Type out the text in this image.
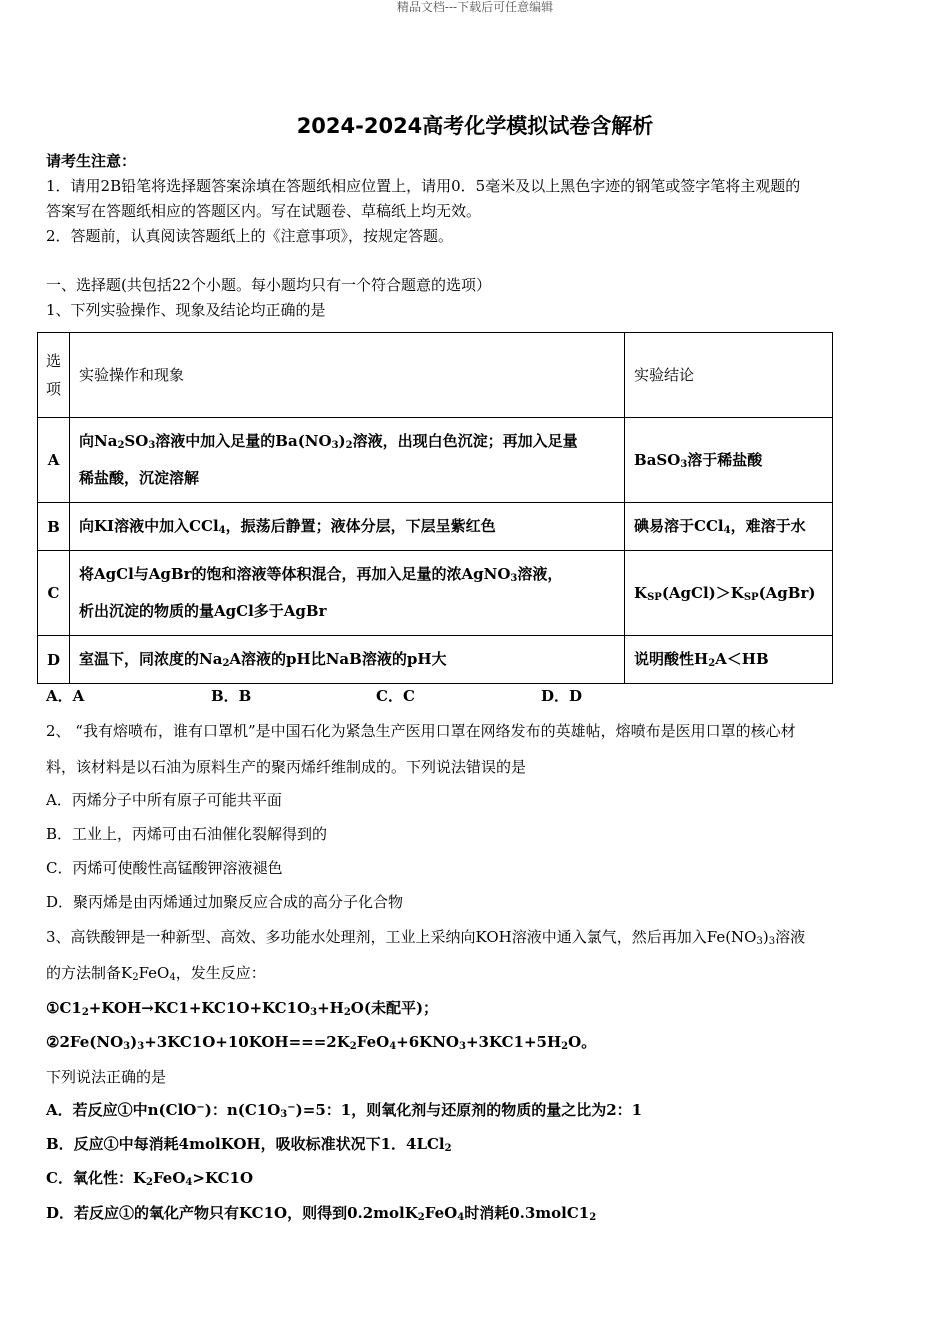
精品文档---下载后可任意编辑
2024-2024高考化学模拟试卷含解析
请考生注意：
1．请用2B铅笔将选择题答案涂填在答题纸相应位置上，请用0．5毫米及以上黑色字迹的钢笔或签字笔将主观题的
答案写在答题纸相应的答题区内。写在试题卷、草稿纸上均无效。
2．答题前，认真阅读答题纸上的《注意事项》，按规定答题。
一、选择题(共包括22个小题。每小题均只有一个符合题意的选项）
1、下列实验操作、现象及结论均正确的是
选
项	实验操作和现象	实验结论
A	向$Na_2SO_3$溶液中加入足量的$Ba(NO_3)_2$溶液，出现白色沉淀；再加入足量
稀盐酸，沉淀溶解	BaSO$_3$溶于稀盐酸
B	向KI溶液中加入CCl$_4$，振荡后静置；液体分层，下层呈紫红色	碘易溶于CCl$_4$，难溶于水
C	将AgCl与AgBr的饱和溶液等体积混合，再加入足量的浓AgNO$_3$溶液，
析出沉淀的物质的量AgCl多于AgBr	$K_{SP}(AgCl)>K_{SP}(AgBr)$
D	室温下，同浓度的$Na_2A$溶液的pH比NaB溶液的pH大	说明酸性$H_2A<HB$
A．A	B．B	C．C	D．D
2、 “我有熔喷布，谁有口罩机”是中国石化为紧急生产医用口罩在网络发布的英雄帖，熔喷布是医用口罩的核心材
料，该材料是以石油为原料生产的聚丙烯纤维制成的。下列说法错误的是
A．丙烯分子中所有原子可能共平面
B．工业上，丙烯可由石油催化裂解得到的
C．丙烯可使酸性高锰酸钾溶液褪色
D．聚丙烯是由丙烯通过加聚反应合成的高分子化合物
3、高铁酸钾是一种新型、高效、多功能水处理剂，工业上采纳向KOH溶液中通入氯气，然后再加入$Fe(NO_3)_3$溶液
的方法制备$K_2FeO_4$，发生反应：
$①C1_2+KOH\to KC1+KC1O+KC1O_3+H_2O$(未配平)；
$②2Fe(NO_3)_3+3KC1O+10KOH===2K_2FeO_4+6KNO_3+3KC1+5H_2O$。
下列说法正确的是
A．若反应①中n(ClO−)：$n(C1O_3^-)=5$：1，则氧化剂与还原剂的物质的量之比为2：1
B．反应①中每消耗4molKOH，吸收标准状况下1．4LCl$_2$
C．氧化性：$K_2FeO_4>KC1O$
D．若反应①的氧化产物只有KC1O，则得到0.2molK$_2$FeO$_4$时消耗$0.3molC1_2$
